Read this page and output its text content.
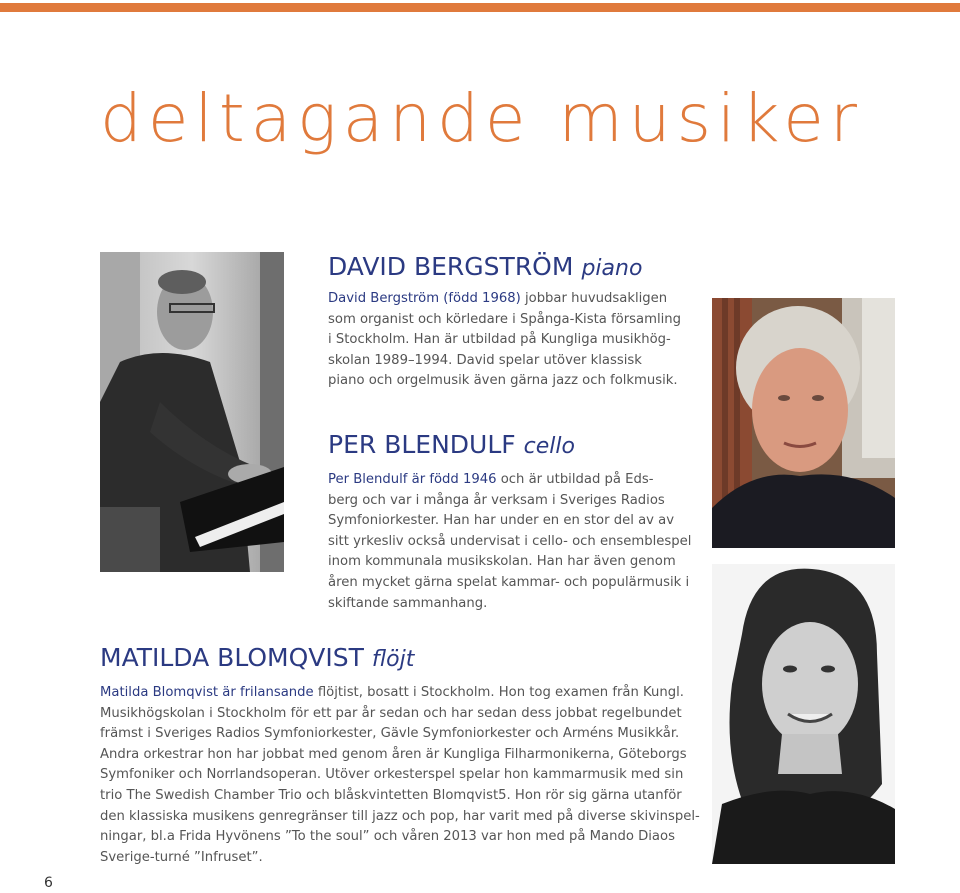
deltagande musiker
DAVID BERGSTRÖM piano
David Bergström (född 1968) jobbar huvudsakligen
som organist och körledare i Spånga-Kista församling
i Stockholm. Han är utbildad på Kungliga musikhög-
skolan 1989–1994. David spelar utöver klassisk
piano och orgelmusik även gärna jazz och folkmusik.
PER BLENDULF cello
Per Blendulf är född 1946 och är utbildad på Eds-
berg och var i många år verksam i Sveriges Radios
Symfoniorkester. Han har under en en stor del av av
sitt yrkesliv också undervisat i cello- och ensemblespel
inom kommunala musikskolan. Han har även genom
åren mycket gärna spelat kammar- och populärmusik i
skiftande sammanhang.
MATILDA BLOMQVIST flöjt
Matilda Blomqvist är frilansande flöjtist, bosatt i Stockholm. Hon tog examen från Kungl.
Musikhögskolan i Stockholm för ett par år sedan och har sedan dess jobbat regelbundet
främst i Sveriges Radios Symfoniorkester, Gävle Symfoniorkester och Arméns Musikkår.
Andra orkestrar hon har jobbat med genom åren är Kungliga Filharmonikerna, Göteborgs
Symfoniker och Norrlandsoperan. Utöver orkesterspel spelar hon kammarmusik med sin
trio The Swedish Chamber Trio och blåskvintetten Blomqvist5. Hon rör sig gärna utanför
den klassiska musikens genregränser till jazz och pop, har varit med på diverse skivinspel-
ningar, bl.a Frida Hyvönens ”To the soul” och våren 2013 var hon med på Mando Diaos
Sverige-turné ”Infruset”.
6
